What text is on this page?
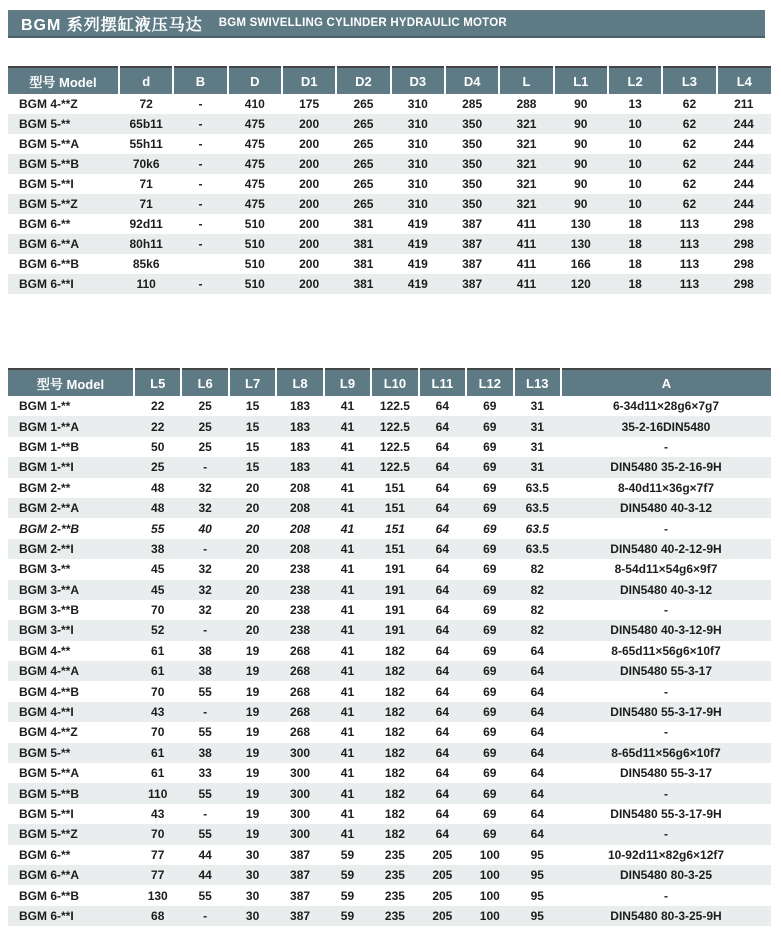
BGM 系列摆缸液压马达 BGM SWIVELLING CYLINDER HYDRAULIC MOTOR
型号 Model	d	B	D	D1	D2	D3	D4	L	L1	L2	L3	L4
BGM 4-**Z	72	-	410	175	265	310	285	288	90	13	62	211
BGM 5-**	65b11	-	475	200	265	310	350	321	90	10	62	244
BGM 5-**A	55h11	-	475	200	265	310	350	321	90	10	62	244
BGM 5-**B	70k6	-	475	200	265	310	350	321	90	10	62	244
BGM 5-**I	71	-	475	200	265	310	350	321	90	10	62	244
BGM 5-**Z	71	-	475	200	265	310	350	321	90	10	62	244
BGM 6-**	92d11	-	510	200	381	419	387	411	130	18	113	298
BGM 6-**A	80h11	-	510	200	381	419	387	411	130	18	113	298
BGM 6-**B	85k6		510	200	381	419	387	411	166	18	113	298
BGM 6-**I	110	-	510	200	381	419	387	411	120	18	113	298
型号 Model	L5	L6	L7	L8	L9	L10	L11	L12	L13	A
BGM 1-**	22	25	15	183	41	122.5	64	69	31	6-34d11×28g6×7g7
BGM 1-**A	22	25	15	183	41	122.5	64	69	31	35-2-16DIN5480
BGM 1-**B	50	25	15	183	41	122.5	64	69	31	-
BGM 1-**I	25	-	15	183	41	122.5	64	69	31	DIN5480 35-2-16-9H
BGM 2-**	48	32	20	208	41	151	64	69	63.5	8-40d11×36g×7f7
BGM 2-**A	48	32	20	208	41	151	64	69	63.5	DIN5480 40-3-12
BGM 2-**B	55	40	20	208	41	151	64	69	63.5	-
BGM 2-**I	38	-	20	208	41	151	64	69	63.5	DIN5480 40-2-12-9H
BGM 3-**	45	32	20	238	41	191	64	69	82	8-54d11×54g6×9f7
BGM 3-**A	45	32	20	238	41	191	64	69	82	DIN5480 40-3-12
BGM 3-**B	70	32	20	238	41	191	64	69	82	-
BGM 3-**I	52	-	20	238	41	191	64	69	82	DIN5480 40-3-12-9H
BGM 4-**	61	38	19	268	41	182	64	69	64	8-65d11×56g6×10f7
BGM 4-**A	61	38	19	268	41	182	64	69	64	DIN5480 55-3-17
BGM 4-**B	70	55	19	268	41	182	64	69	64	-
BGM 4-**I	43	-	19	268	41	182	64	69	64	DIN5480 55-3-17-9H
BGM 4-**Z	70	55	19	268	41	182	64	69	64	-
BGM 5-**	61	38	19	300	41	182	64	69	64	8-65d11×56g6×10f7
BGM 5-**A	61	33	19	300	41	182	64	69	64	DIN5480 55-3-17
BGM 5-**B	110	55	19	300	41	182	64	69	64	-
BGM 5-**I	43	-	19	300	41	182	64	69	64	DIN5480 55-3-17-9H
BGM 5-**Z	70	55	19	300	41	182	64	69	64	-
BGM 6-**	77	44	30	387	59	235	205	100	95	10-92d11×82g6×12f7
BGM 6-**A	77	44	30	387	59	235	205	100	95	DIN5480 80-3-25
BGM 6-**B	130	55	30	387	59	235	205	100	95	-
BGM 6-**I	68	-	30	387	59	235	205	100	95	DIN5480 80-3-25-9H
